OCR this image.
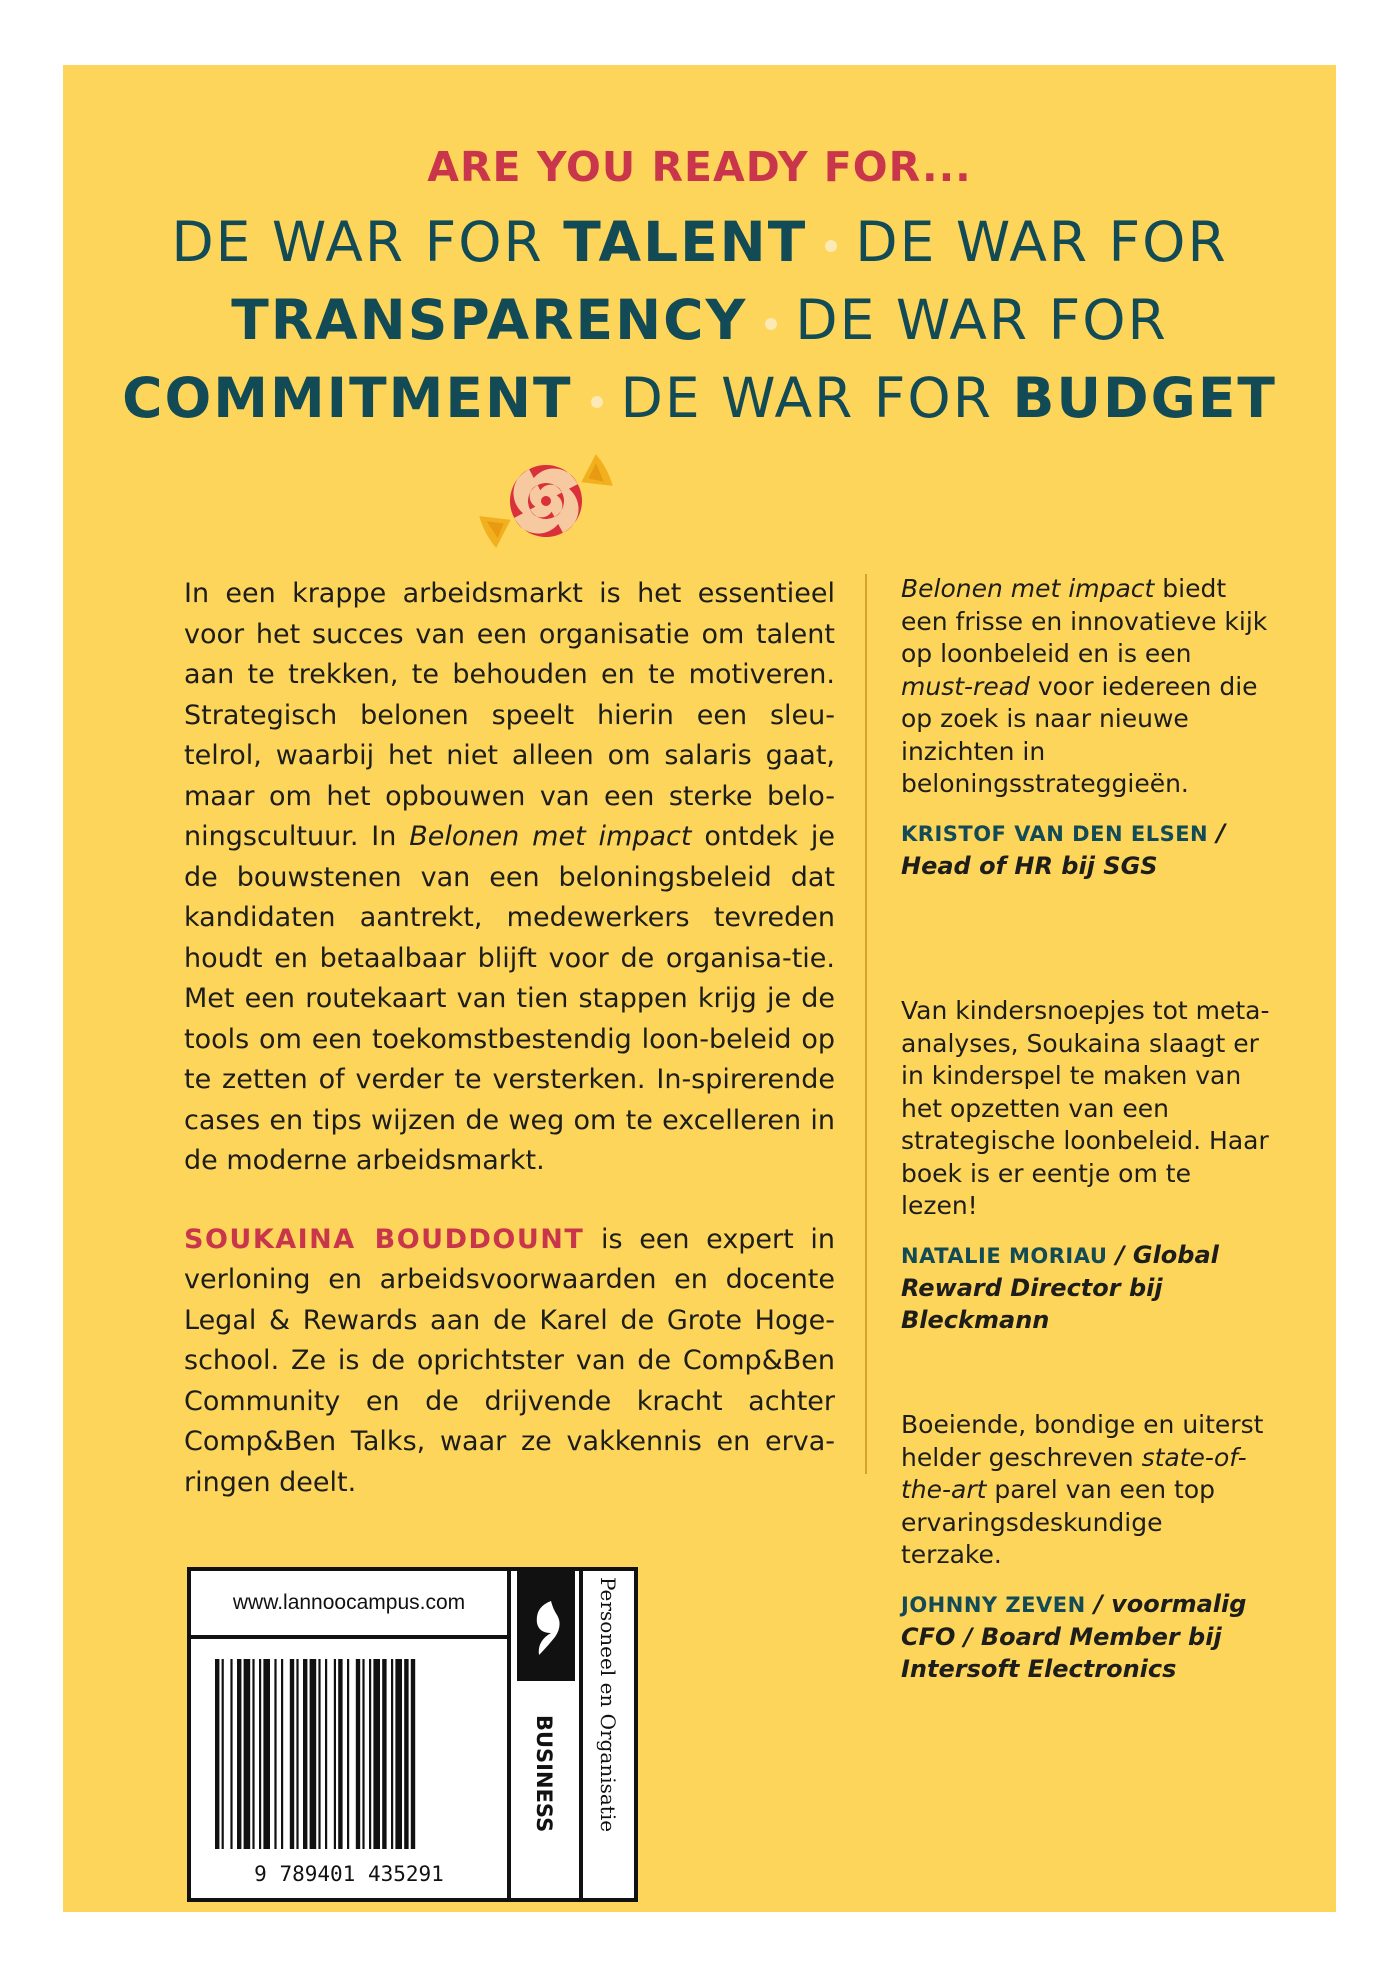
ARE YOU READY FOR...
DE WAR FOR TALENT DE WAR FOR
TRANSPARENCY DE WAR FOR
COMMITMENT DE WAR FOR BUDGET

In een krappe arbeidsmarkt is het essentieel voor het succes van een organisatie om talent aan te trekken, te behouden en te motiveren. Strategisch belonen speelt hierin een sleu-telrol, waarbij het niet alleen om salaris gaat, maar om het opbouwen van een sterke belo-ningscultuur. In Belonen met impact ontdek je de bouwstenen van een beloningsbeleid dat kandidaten aantrekt, medewerkers tevreden houdt en betaalbaar blijft voor de organisa-tie. Met een routekaart van tien stappen krijg je de tools om een toekomstbestendig loon-beleid op te zetten of verder te versterken. In-spirerende cases en tips wijzen de weg om te excelleren in de moderne arbeidsmarkt.

SOUKAINA BOUDDOUNT is een expert in verloning en arbeidsvoorwaarden en docente Legal & Rewards aan de Karel de Grote Hoge-school. Ze is de oprichtster van de Comp&Ben Community en de drijvende kracht achter Comp&Ben Talks, waar ze vakkennis en erva-ringen deelt.

Belonen met impact biedt een frisse en innovatieve kijk op loonbeleid en is een must-read voor iedereen die op zoek is naar nieuwe inzichten in beloningsstrateggieën.

KRISTOF VAN DEN ELSEN / Head of HR bij SGS

Van kindersnoepjes tot meta-analyses, Soukaina slaagt er in kinderspel te maken van het opzetten van een strategische loonbeleid. Haar boek is er eentje om te lezen!

NATALIE MORIAU / Global Reward Director bij Bleckmann

Boeiende, bondige en uiterst helder geschreven state-of-the-art parel van een top ervaringsdeskundige terzake.

JOHNNY ZEVEN / voormalig CFO / Board Member bij Intersoft Electronics
www.lannoocampus.com
9 789401 435291
BUSINESS Personeel en Organisatie
